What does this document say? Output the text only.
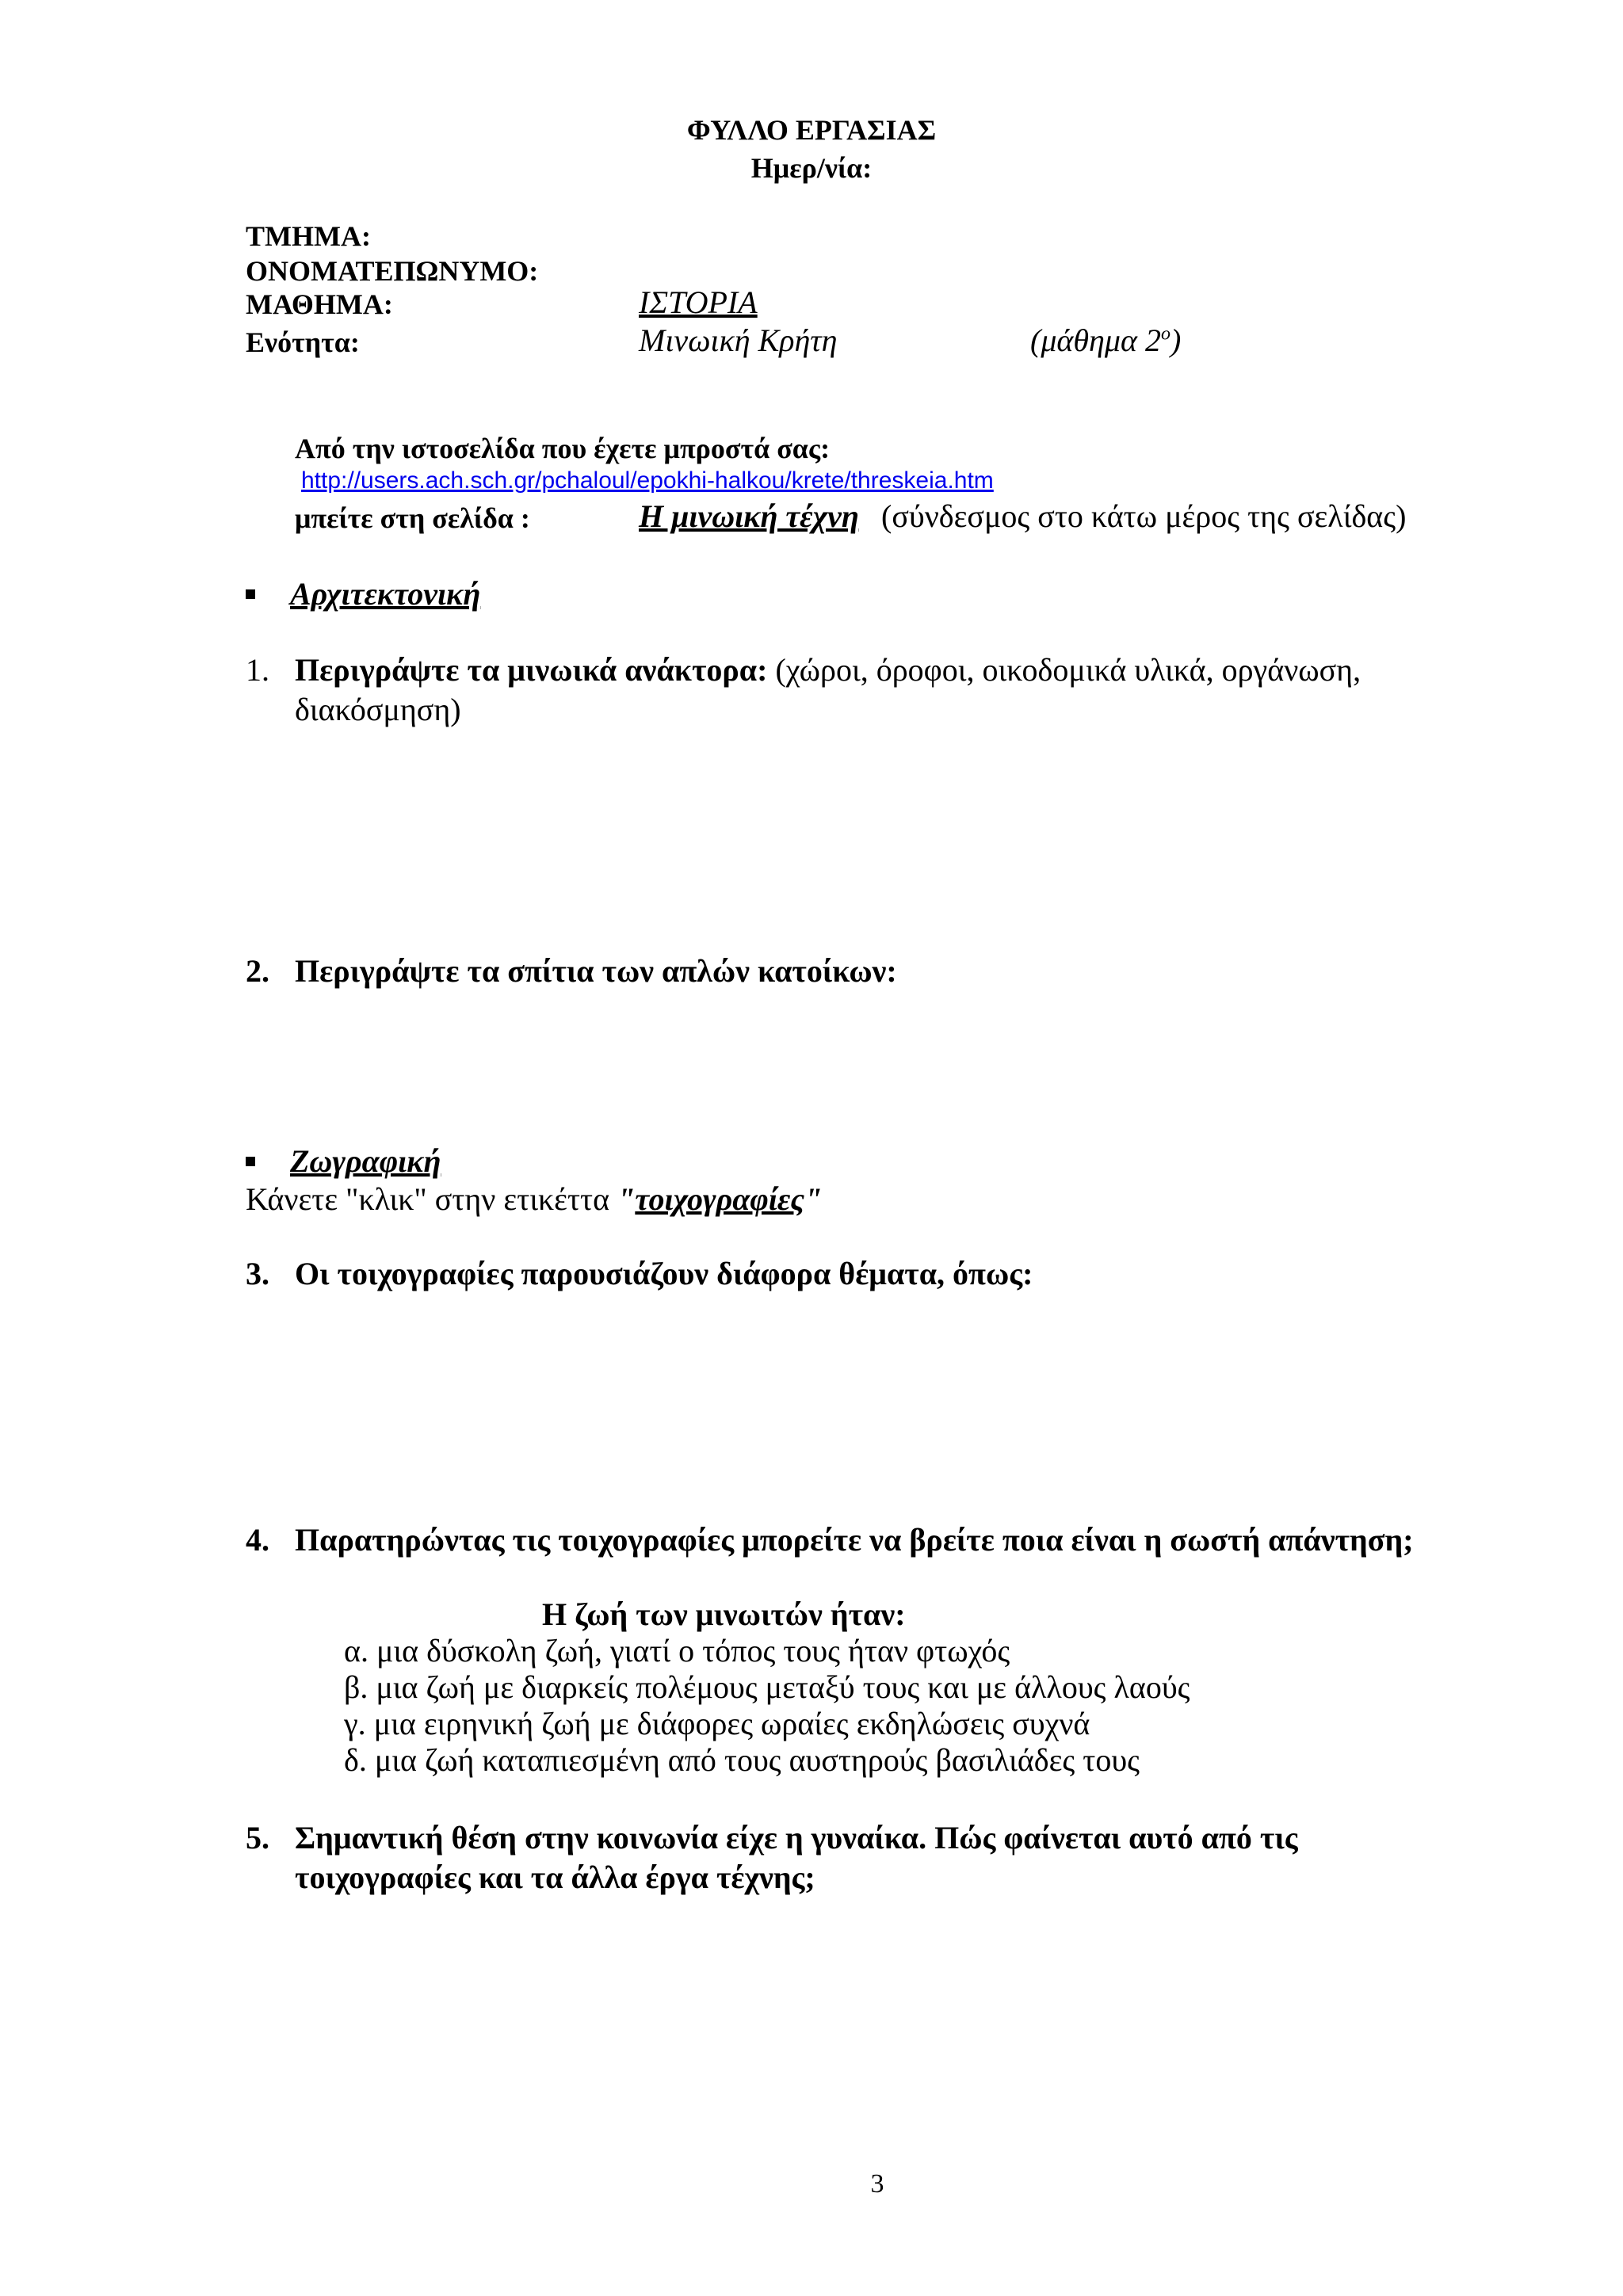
ΦΥΛΛΟ ΕΡΓΑΣΙΑΣ
Ημερ/νία:
ΤΜΗΜΑ:
ΟΝΟΜΑΤΕΠΩΝΥΜΟ:
ΜΑΘΗΜΑ:	ΙΣΤΟΡΙΑ
Ενότητα:	Μινωική Κρήτη	(μάθημα $2^o$)
Από την ιστοσελίδα που έχετε μπροστά σας:
http://users.ach.sch.gr/pchaloul/epokhi-halkou/krete/threskeia.htm
μπείτε στη σελίδα :	Η μινωική τέχνη (σύνδεσμος στο κάτω μέρος της σελίδας)
Αρχιτεκτονική
1. Περιγράψτε τα μινωικά ανάκτορα: (χώροι, όροφοι, οικοδομικά υλικά, οργάνωση,
διακόσμηση)
2. Περιγράψτε τα σπίτια των απλών κατοίκων:
Ζωγραφική
Κάνετε "κλικ" στην ετικέττα "τοιχογραφίες"
3. Οι τοιχογραφίες παρουσιάζουν διάφορα θέματα, όπως:
4. Παρατηρώντας τις τοιχογραφίες μπορείτε να βρείτε ποια είναι η σωστή απάντηση;
Η ζωή των μινωιτών ήταν:
α. μια δύσκολη ζωή, γιατί ο τόπος τους ήταν φτωχός
β. μια ζωή με διαρκείς πολέμους μεταξύ τους και με άλλους λαούς
γ. μια ειρηνική ζωή με διάφορες ωραίες εκδηλώσεις συχνά
δ. μια ζωή καταπιεσμένη από τους αυστηρούς βασιλιάδες τους
5. Σημαντική θέση στην κοινωνία είχε η γυναίκα. Πώς φαίνεται αυτό από τις
τοιχογραφίες και τα άλλα έργα τέχνης;
3
